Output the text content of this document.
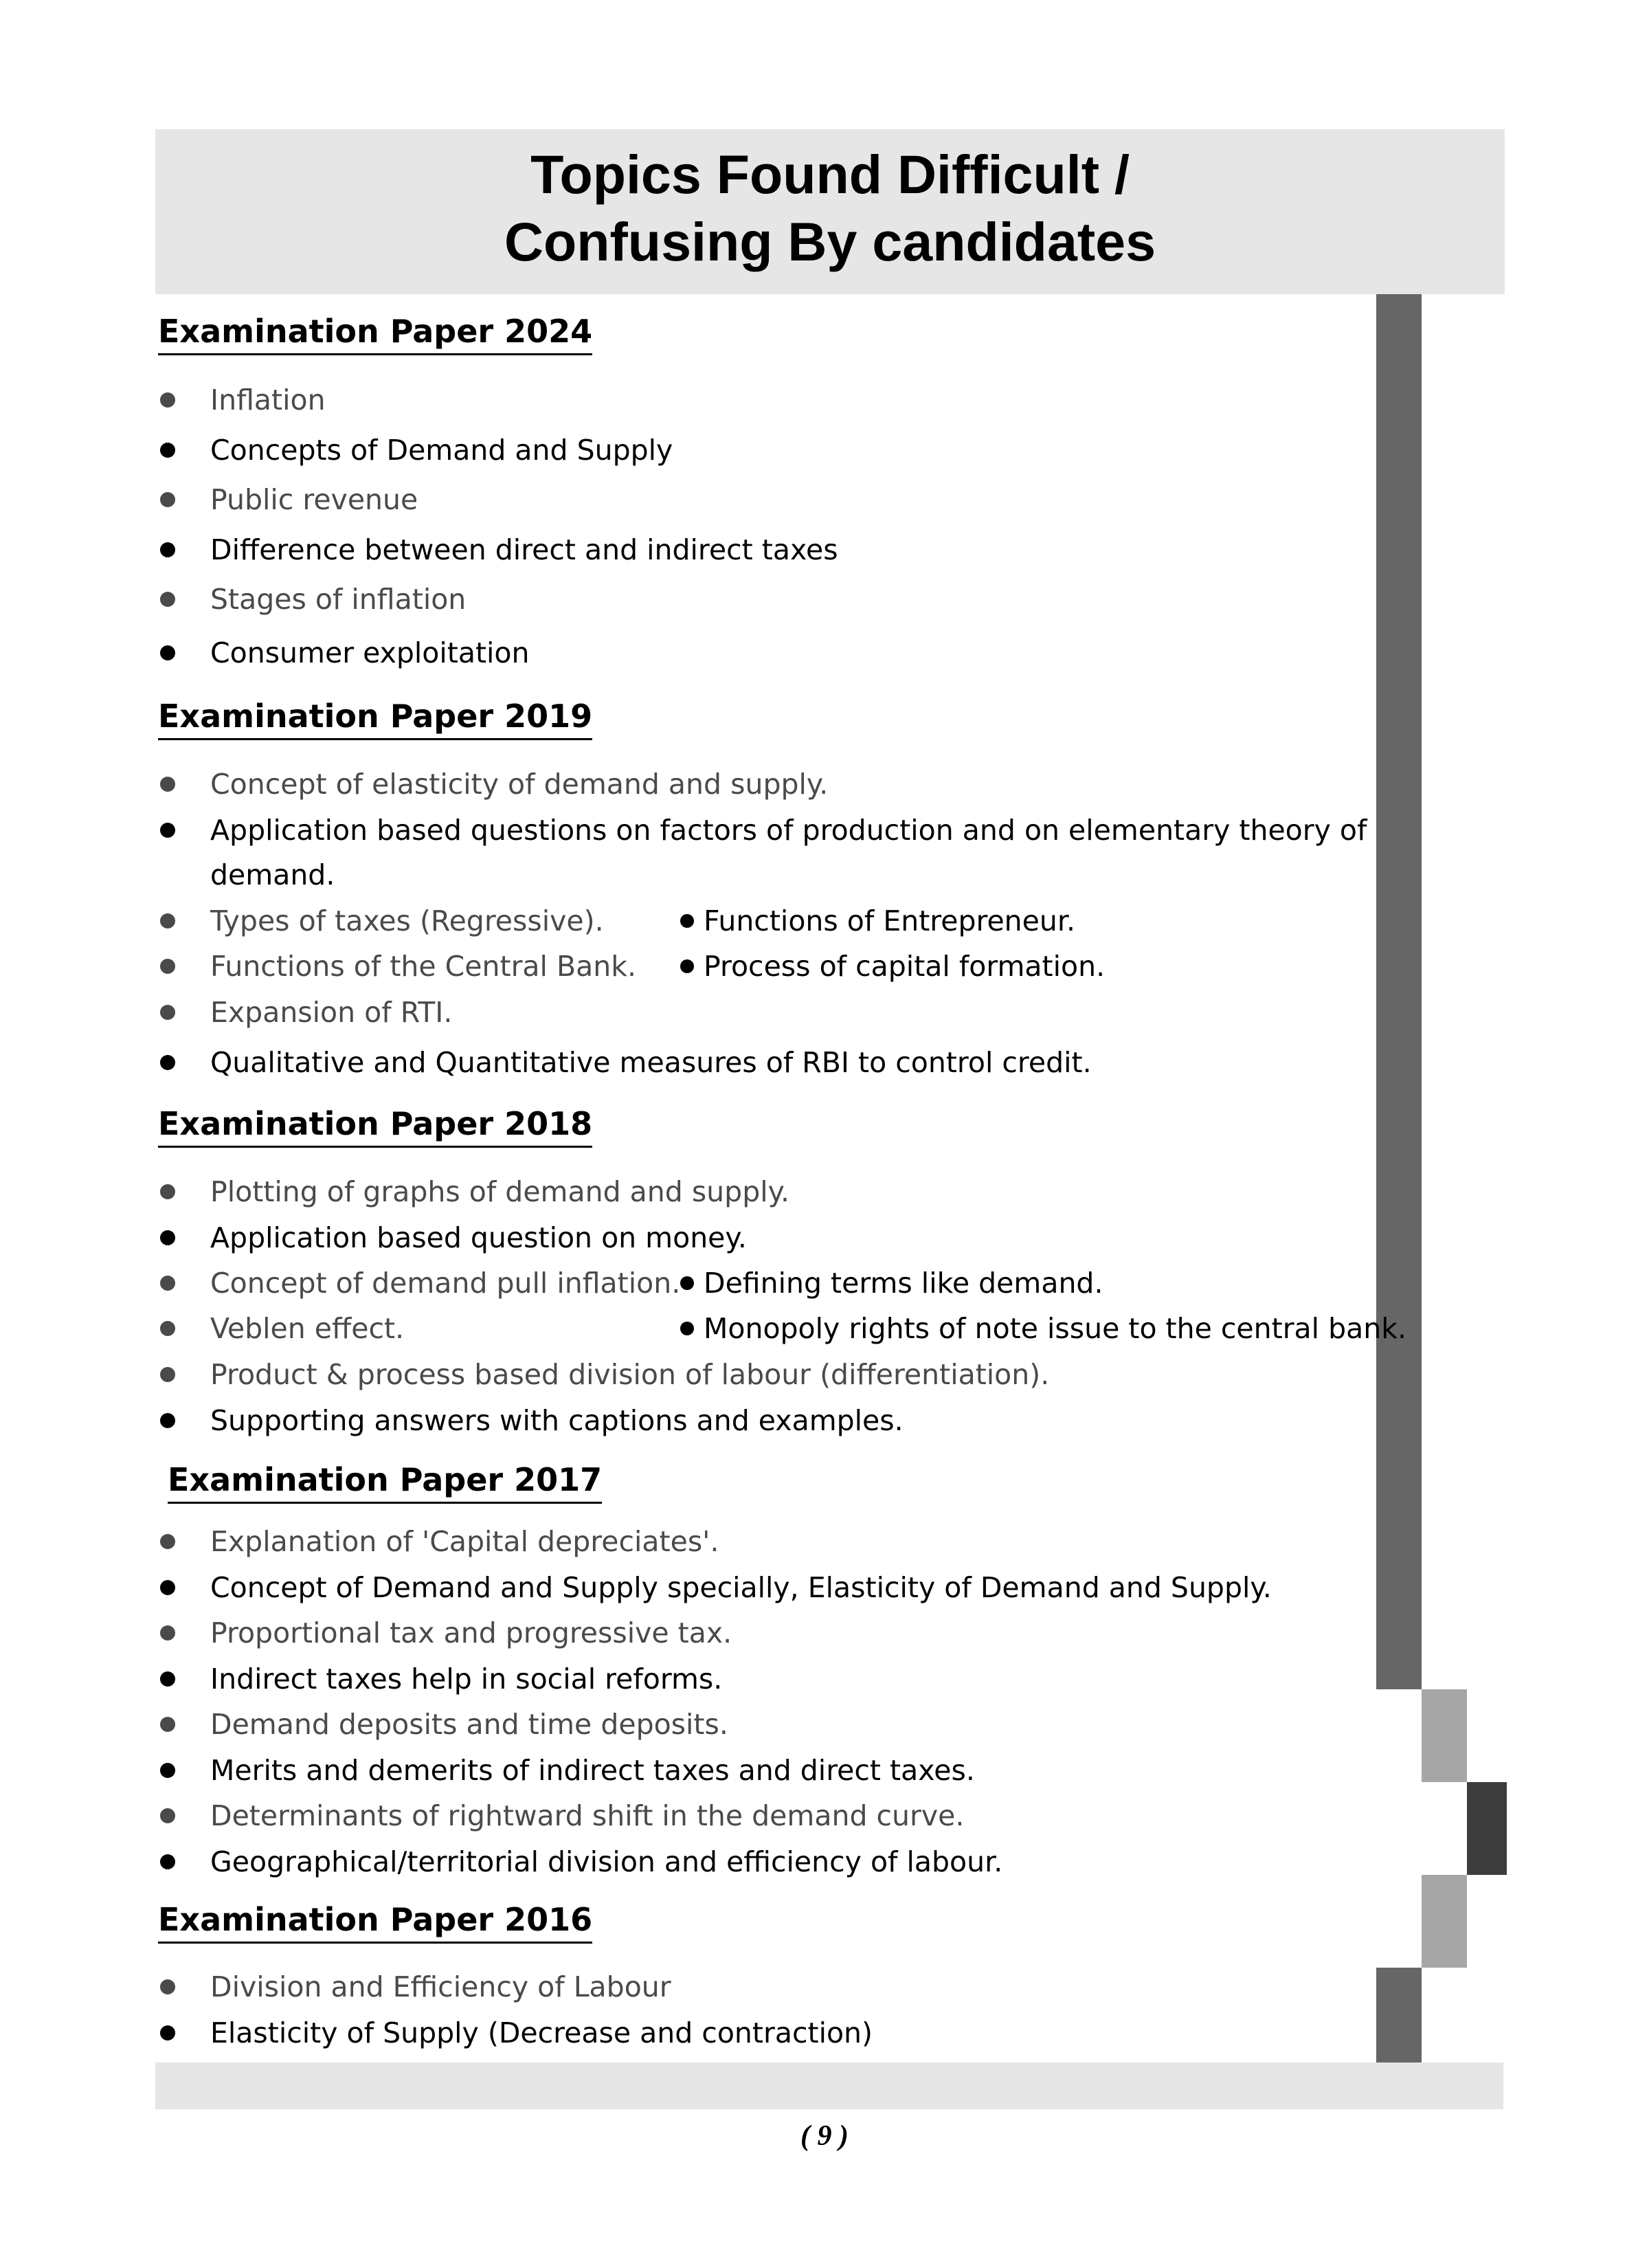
Topics Found Difficult /
Confusing By candidates
Examination Paper 2024
Inflation
Concepts of Demand and Supply
Public revenue
Difference between direct and indirect taxes
Stages of inflation
Consumer exploitation
Examination Paper 2019
Concept of elasticity of demand and supply.
Application based questions on factors of production and on elementary theory of
demand.
Types of taxes (Regressive).	Functions of Entrepreneur.
Functions of the Central Bank.	Process of capital formation.
Expansion of RTI.
Qualitative and Quantitative measures of RBI to control credit.
Examination Paper 2018
Plotting of graphs of demand and supply.
Application based question on money.
Concept of demand pull inflation. Defining terms like demand.
Veblen effect.	Monopoly rights of note issue to the central bank.
Product & process based division of labour (differentiation).
Supporting answers with captions and examples.
Examination Paper 2017
Explanation of 'Capital depreciates'.
Concept of Demand and Supply specially, Elasticity of Demand and Supply.
Proportional tax and progressive tax.
Indirect taxes help in social reforms.
Demand deposits and time deposits.
Merits and demerits of indirect taxes and direct taxes.
Determinants of rightward shift in the demand curve.
Geographical/territorial division and efficiency of labour.
Examination Paper 2016
Division and Efficiency of Labour
Elasticity of Supply (Decrease and contraction)
( 9 )
